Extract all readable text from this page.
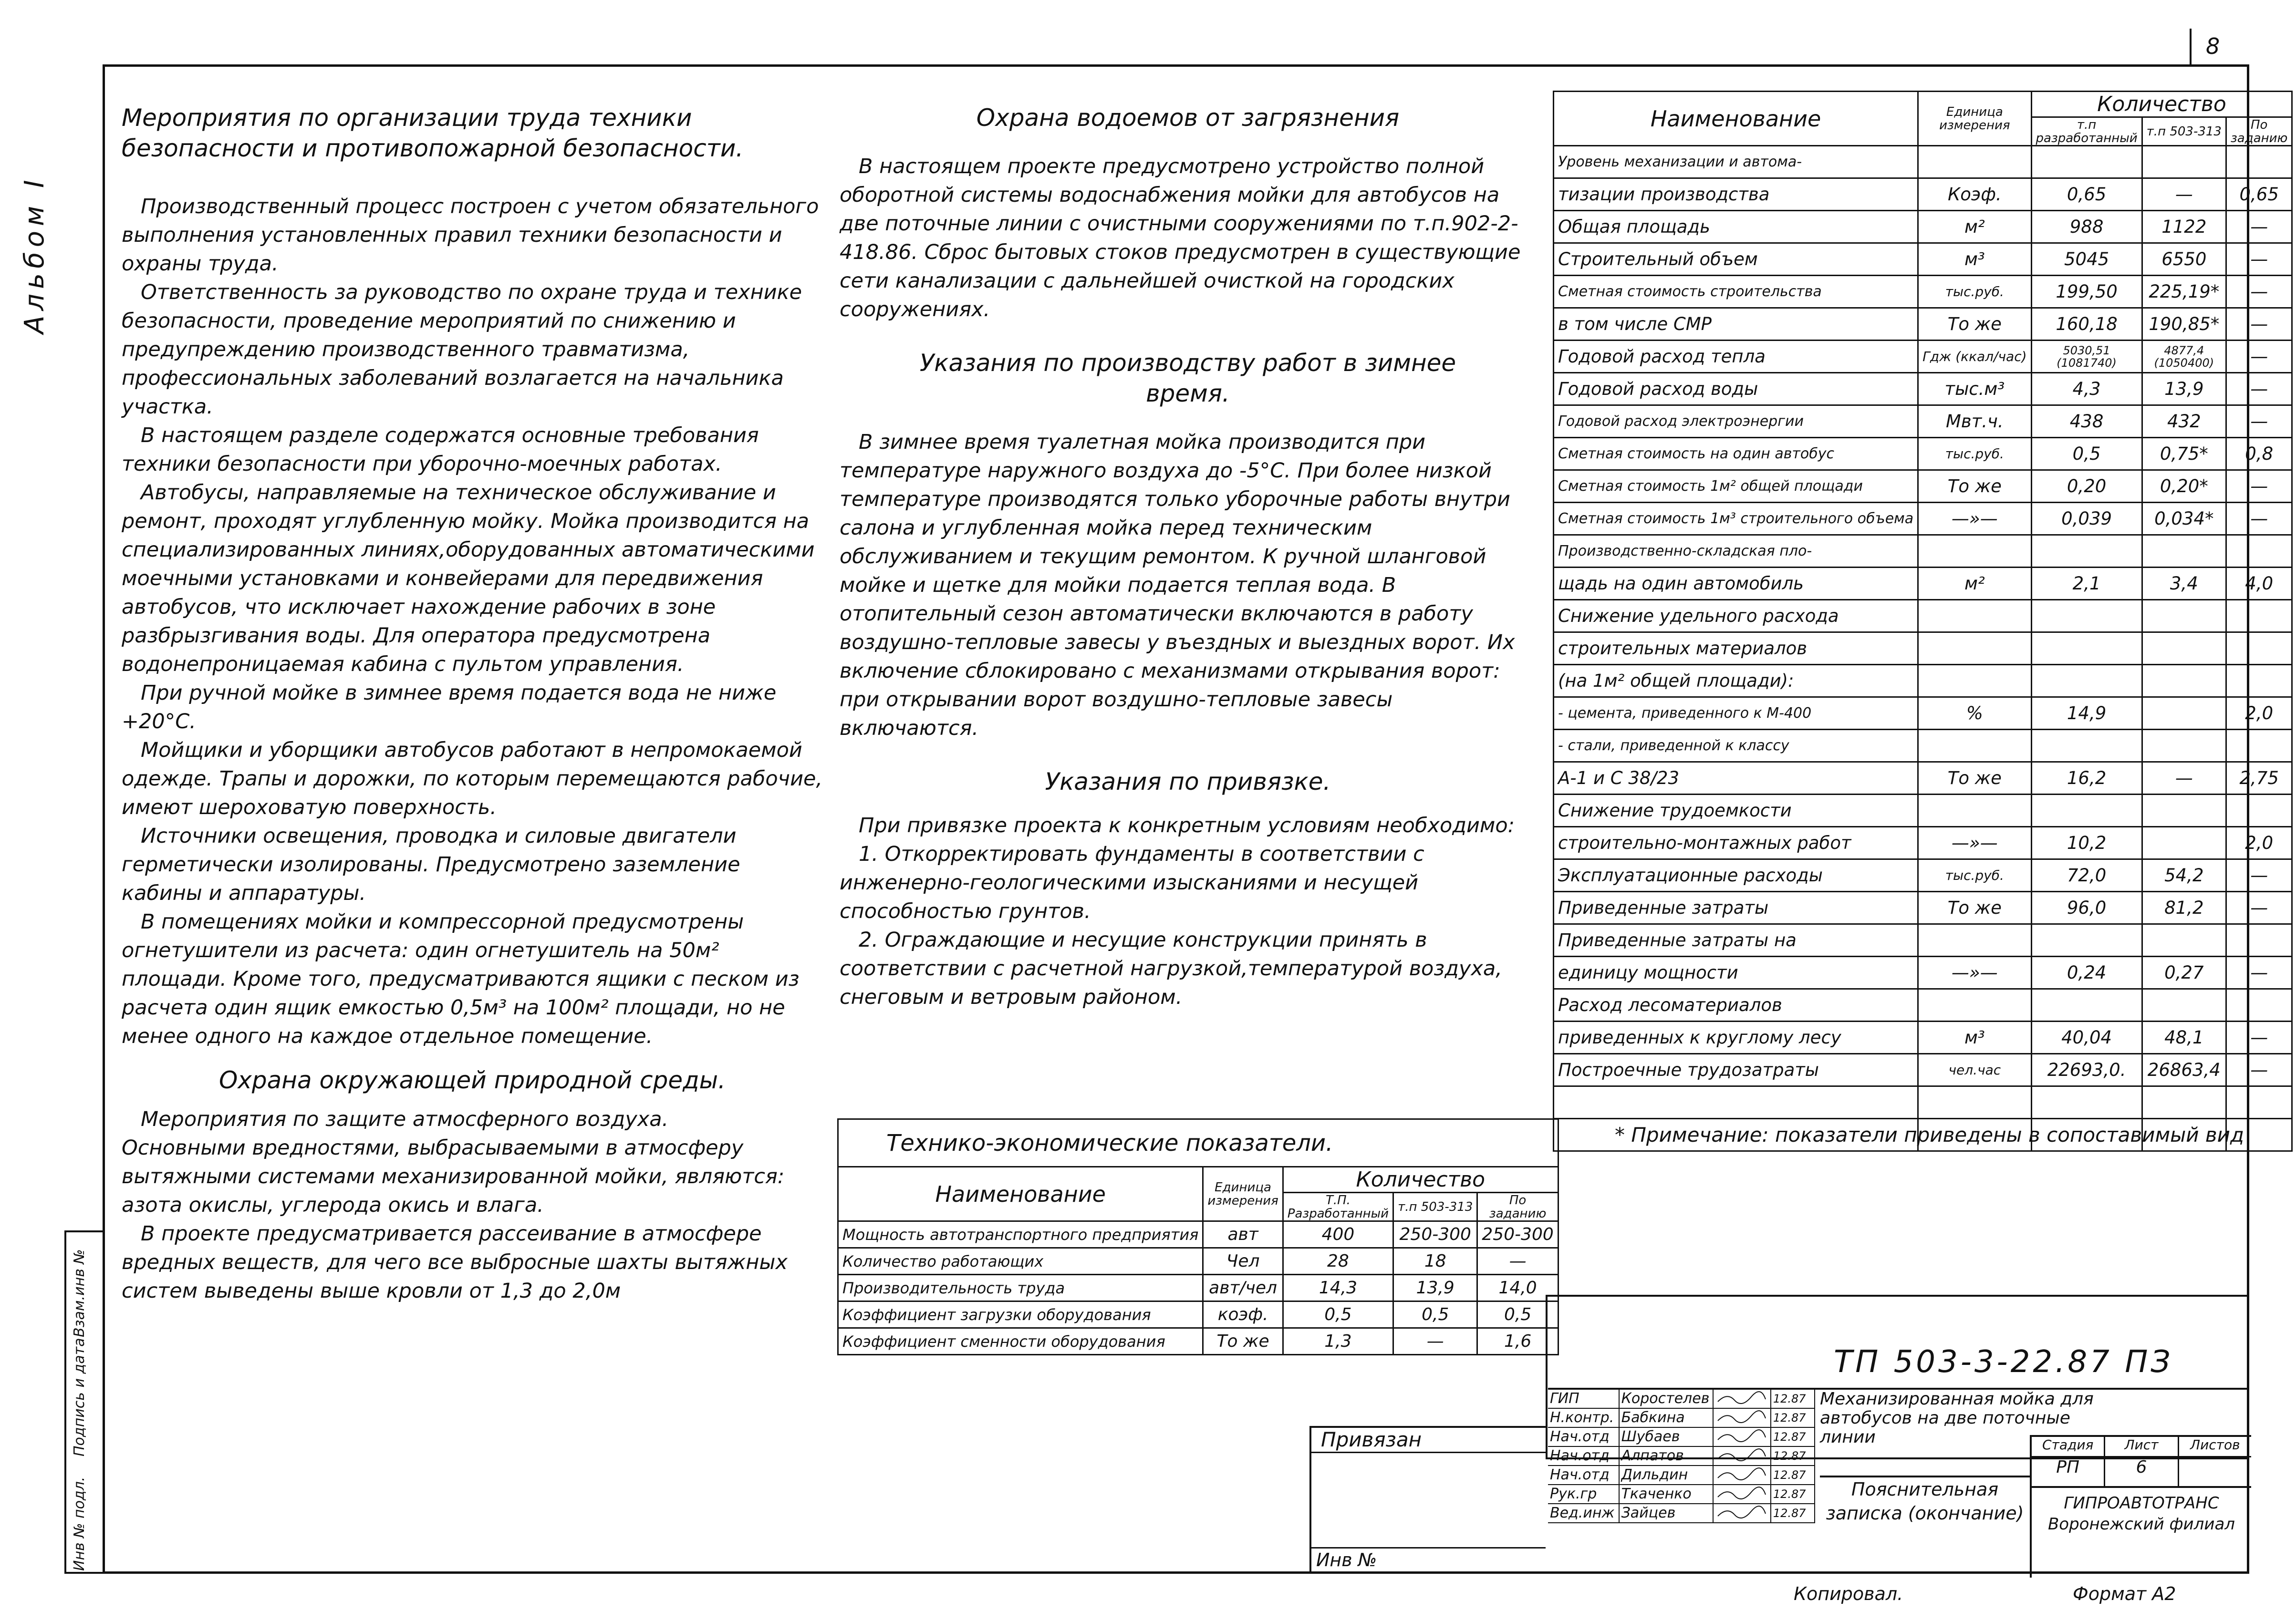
8
Альбом I
Инв № подл.
Подпись и дата
Взам.инв №

Мероприятия по организации труда техники безопасности и противопожарной безопасности.

Производственный процесс построен с учетом обязательного выполнения установленных правил техники безопасности и охраны труда.

Ответственность за руководство по охране труда и технике безопасности, проведение мероприятий по снижению и предупреждению производственного травматизма, профессиональных заболеваний возлагается на начальника участка.

В настоящем разделе содержатся основные требования техники безопасности при уборочно-моечных работах.

Автобусы, направляемые на техническое обслуживание и ремонт, проходят углубленную мойку. Мойка производится на специализированных линиях,оборудованных автоматическими моечными установками и конвейерами для передвижения автобусов, что исключает нахождение рабочих в зоне разбрызгивания воды. Для оператора предусмотрена водонепроницаемая кабина с пультом управления.

При ручной мойке в зимнее время подается вода не ниже +20°С.

Мойщики и уборщики автобусов работают в непромокаемой одежде. Трапы и дорожки, по которым перемещаются рабочие, имеют шероховатую поверхность.

Источники освещения, проводка и силовые двигатели герметически изолированы. Предусмотрено заземление кабины и аппаратуры.

В помещениях мойки и компрессорной предусмотрены огнетушители из расчета: один огнетушитель на 50м² площади. Кроме того, предусматриваются ящики с песком из расчета один ящик емкостью 0,5м³ на 100м² площади, но не менее одного на каждое отдельное помещение.

Охрана окружающей природной среды.

Мероприятия по защите атмосферного воздуха.

Основными вредностями, выбрасываемыми в атмосферу вытяжными системами механизированной мойки, являются: азота окислы, углерода окись и влага.

В проекте предусматривается рассеивание в атмосфере вредных веществ, для чего все выбросные шахты вытяжных систем выведены выше кровли от 1,3 до 2,0м

Охрана водоемов от загрязнения

В настоящем проекте предусмотрено устройство полной оборотной системы водоснабжения мойки для автобусов на две поточные линии с очистными сооружениями по т.п.902-2-418.86. Сброс бытовых стоков предусмотрен в существующие сети канализации с дальнейшей очисткой на городских сооружениях.

Указания по производству работ в зимнее время.

В зимнее время туалетная мойка производится при температуре наружного воздуха до -5°С. При более низкой температуре производятся только уборочные работы внутри салона и углубленная мойка перед техническим обслуживанием и текущим ремонтом. К ручной шланговой мойке и щетке для мойки подается теплая вода. В отопительный сезон автоматически включаются в работу воздушно-тепловые завесы у въездных и выездных ворот. Их включение сблокировано с механизмами открывания ворот: при открывании ворот воздушно-тепловые завесы включаются.

Указания по привязке.

При привязке проекта к конкретным условиям необходимо:

1. Откорректировать фундаменты в соответствии с инженерно-геологическими изысканиями и несущей способностью грунтов.

2. Ограждающие и несущие конструкции принять в соответствии с расчетной нагрузкой,температурой воздуха, снеговым и ветровым районом.

Технико-экономические показатели.				
Наименование	Единица измерения	Количество		
		Т.П. Разработанный	т.п 503-313	По заданию
Мощность автотранспортного предприятия	авт	400	250-300	250-300
Количество работающих	Чел	28	18	—
Производительность труда	авт/чел	14,3	13,9	14,0
Коэффициент загрузки оборудования	коэф.	0,5	0,5	0,5
Коэффициент сменности оборудования	То же	1,3	—	1,6
Наименование	Единица измерения	Количество		
		т.п разработанный	т.п 503-313	По заданию
Уровень механизации и автома-				
тизации производства	Коэф.	0,65	—	0,65
Общая площадь	м²	988	1122	—
Строительный объем	м³	5045	6550	—
Сметная стоимость строительства	тыс.руб.	199,50	225,19*	—
в том числе СМР	То же	160,18	190,85*	—
Годовой расход тепла	Гдж (ккал/час)	5030,51 (1081740)	4877,4 (1050400)	—
Годовой расход воды	тыс.м³	4,3	13,9	—
Годовой расход электроэнергии	Мвт.ч.	438	432	—
Сметная стоимость на один автобус	тыс.руб.	0,5	0,75*	0,8
Сметная стоимость 1м² общей площади	То же	0,20	0,20*	—
Сметная стоимость 1м³ строительного объема	—»—	0,039	0,034*	—
Производственно-складская пло-				
щадь на один автомобиль	м²	2,1	3,4	4,0
Снижение удельного расхода				
строительных материалов				
(на 1м² общей площади):				
- цемента, приведенного к М-400	%	14,9		2,0
- стали, приведенной к классу				
А-1 и С 38/23	То же	16,2	—	2,75
Снижение трудоемкости				
строительно-монтажных работ	—»—	10,2		2,0
Эксплуатационные расходы	тыс.руб.	72,0	54,2	—
Приведенные затраты	То же	96,0	81,2	—
Приведенные затраты на				
единицу мощности	—»—	0,24	0,27	—
Расход лесоматериалов				
приведенных к круглому лесу	м³	40,04	48,1	—
Построечные трудозатраты	чел.час	22693,0.	26863,4	—

* Примечание: показатели приведены в сопоставимый вид
ТП 503-3-22.87 ПЗ
ГИП	Коростелев	12.87
Н.контр. Бабкина	12.87
Нач.отд Шубаев	12.87
Нач.отд Алпатов	12.87
Нач.отд Дильдин	12.87
Рук.гр	Ткаченко	12.87
Вед.инж Зайцев	12.87
Механизированная мойка для автобусов на две поточные линии
Пояснительная записка (окончание)
Стадия	Лист	Листов
РП	6
ГИПРОАВТОТРАНС Воронежский филиал
Привязан
Инв №
Копировал.	Формат А2
